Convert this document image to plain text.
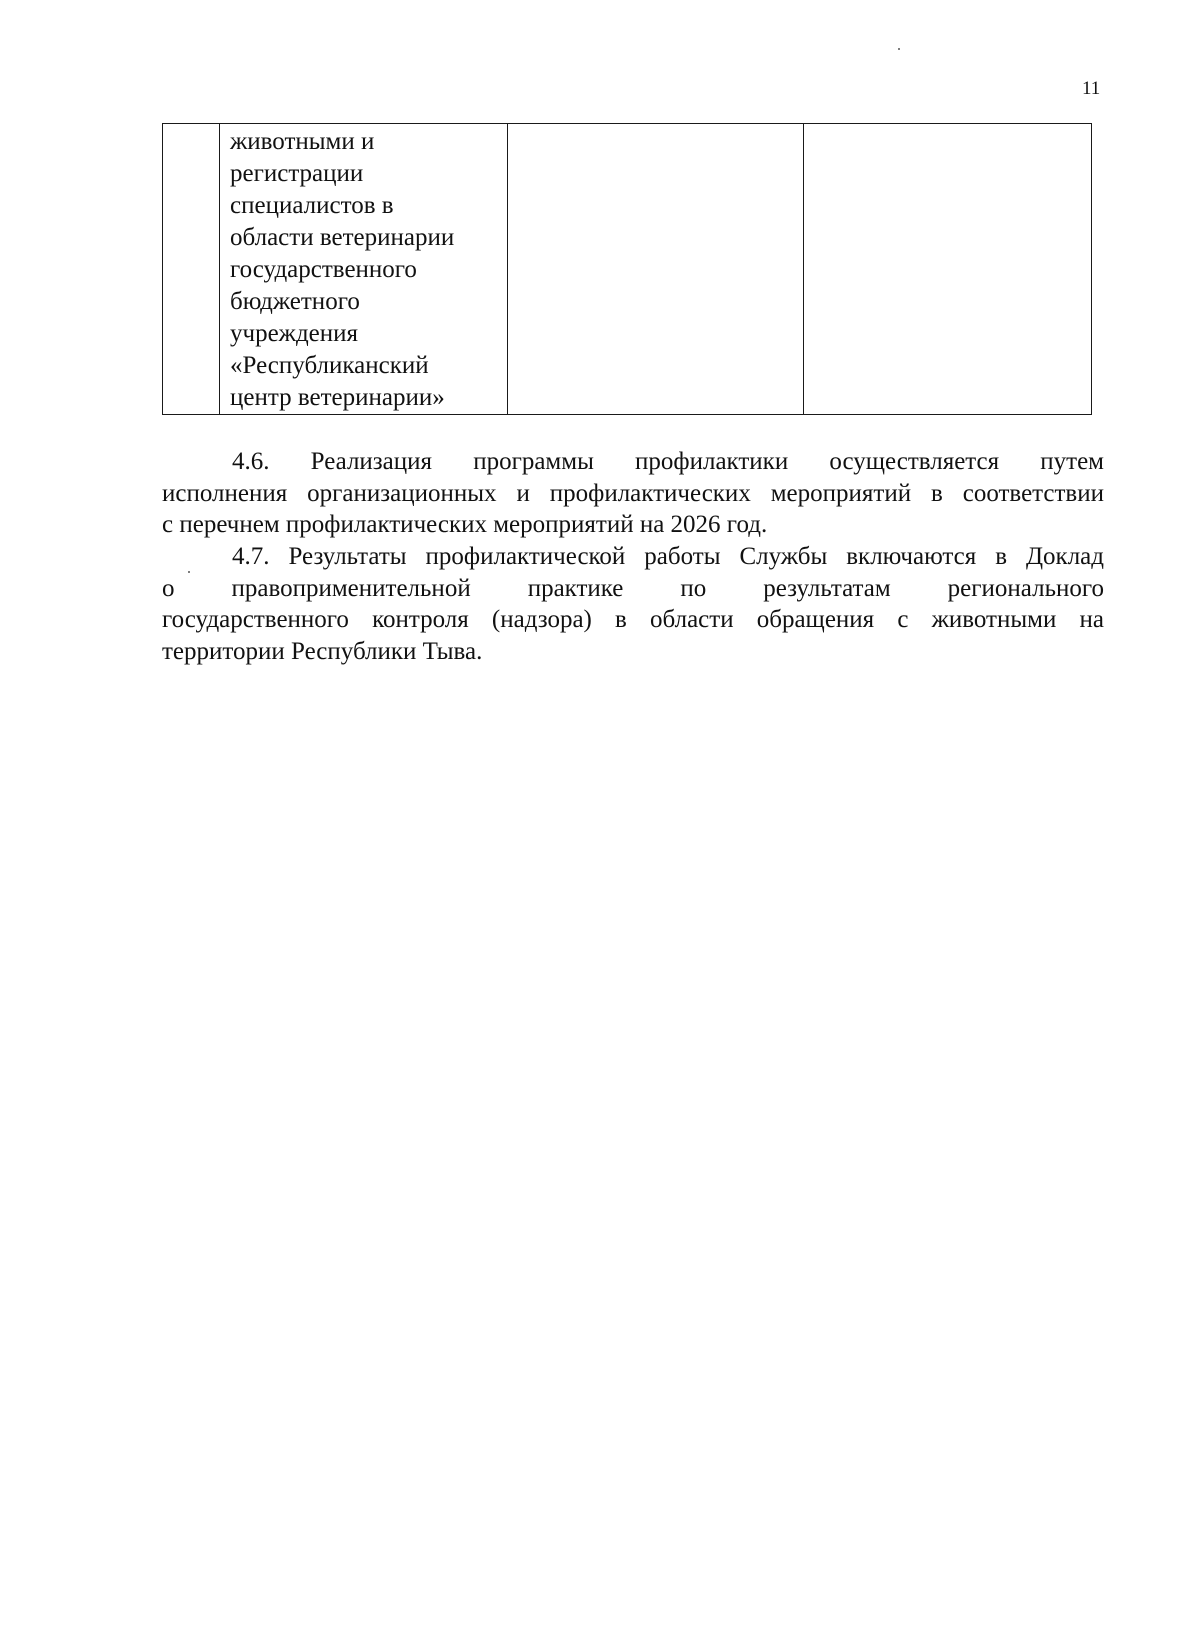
11

животными и
регистрации
специалистов в
области ветеринарии
государственного
бюджетного
учреждения
«Республиканский
центр ветеринарии»

4.6. Реализация программы профилактики осуществляется путем
исполнения организационных и профилактических мероприятий в соответствии
с перечнем профилактических мероприятий на 2026 год.
4.7. Результаты профилактической работы Службы включаются в Доклад
о правоприменительной практике по результатам регионального
государственного контроля (надзора) в области обращения с животными на
территории Республики Тыва.
